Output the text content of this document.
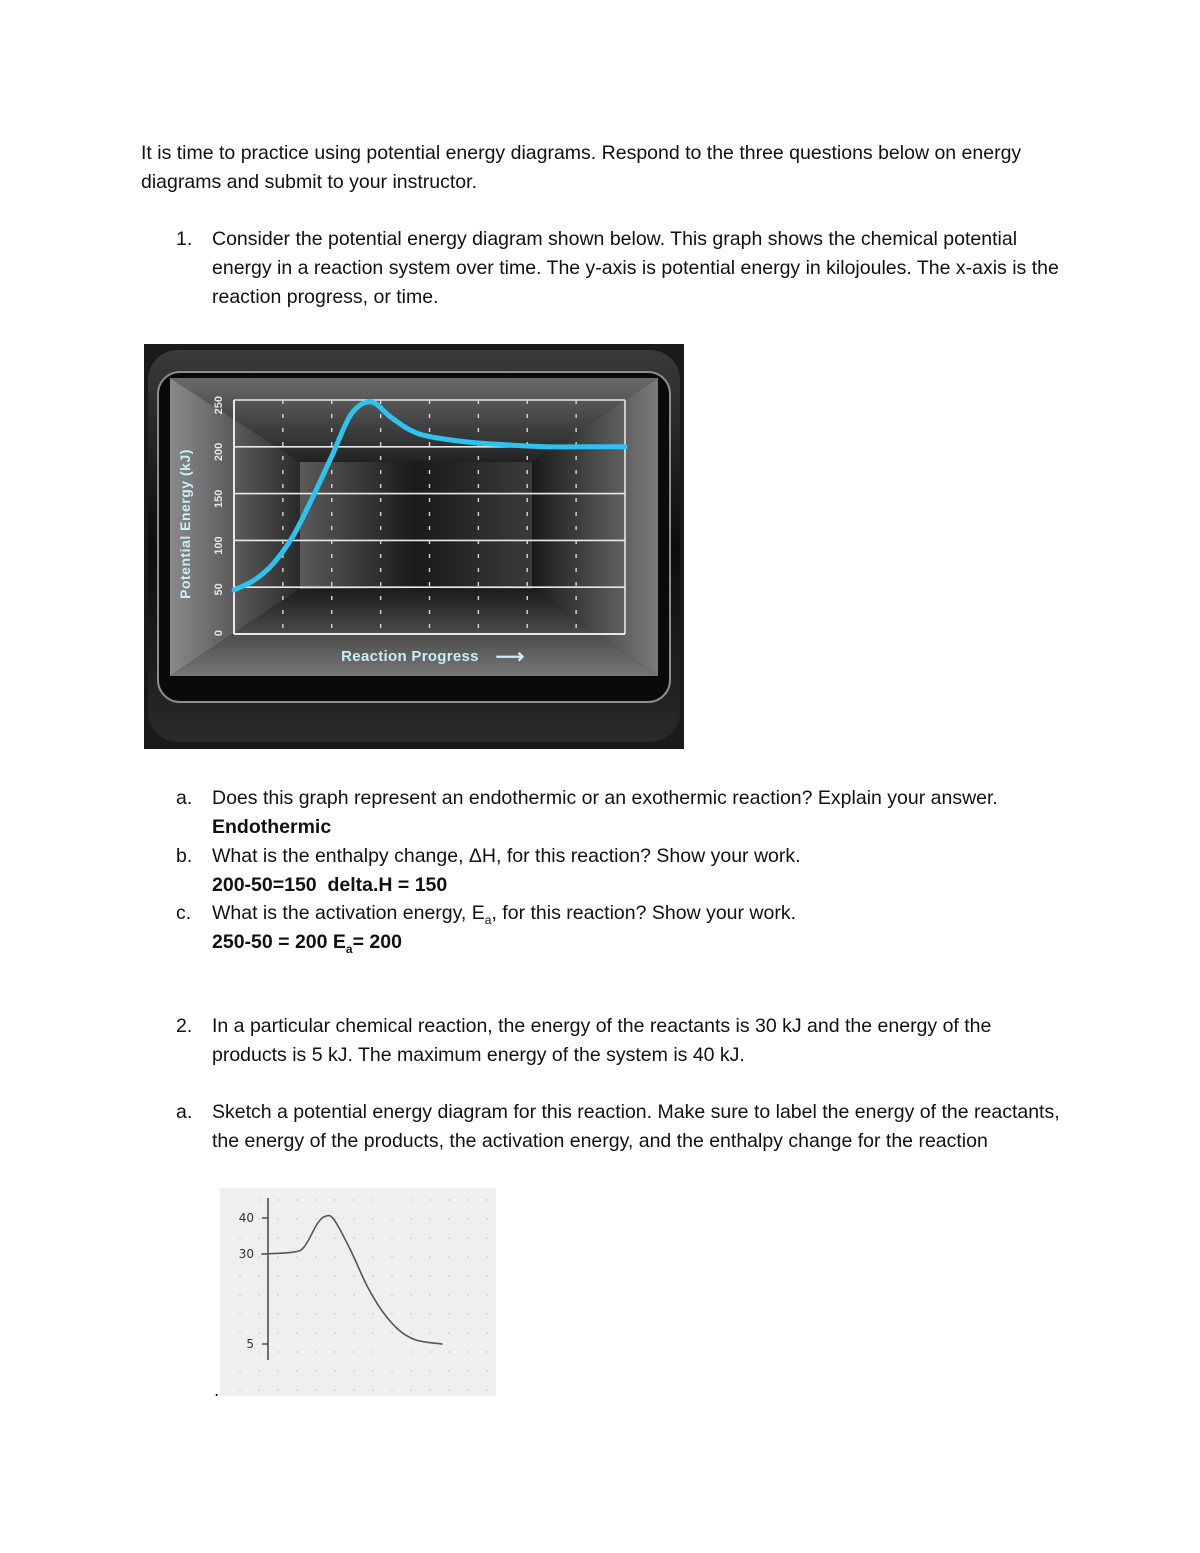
It is time to practice using potential energy diagrams. Respond to the three questions below on energy diagrams and submit to your instructor.

1. Consider the potential energy diagram shown below. This graph shows the chemical potential energy in a reaction system over time. The y-axis is potential energy in kilojoules. The x-axis is the reaction progress, or time.
Potential Energy (kJ)
Reaction Progress ⟶
0
50
100
150
200
250
a. Does this graph represent an endothermic or an exothermic reaction? Explain your answer. Endothermic
b. What is the enthalpy change, ΔH, for this reaction? Show your work.
200-50=150  delta.H = 150
c. What is the activation energy, $E_a$, for this reaction? Show your work.
250-50 = 200 $E_a= 200$
2. In a particular chemical reaction, the energy of the reactants is 30 kJ and the energy of the products is 5 kJ. The maximum energy of the system is 40 kJ.
a. Sketch a potential energy diagram for this reaction. Make sure to label the energy of the reactants, the energy of the products, the activation energy, and the enthalpy change for the reaction
5
30
40
.
